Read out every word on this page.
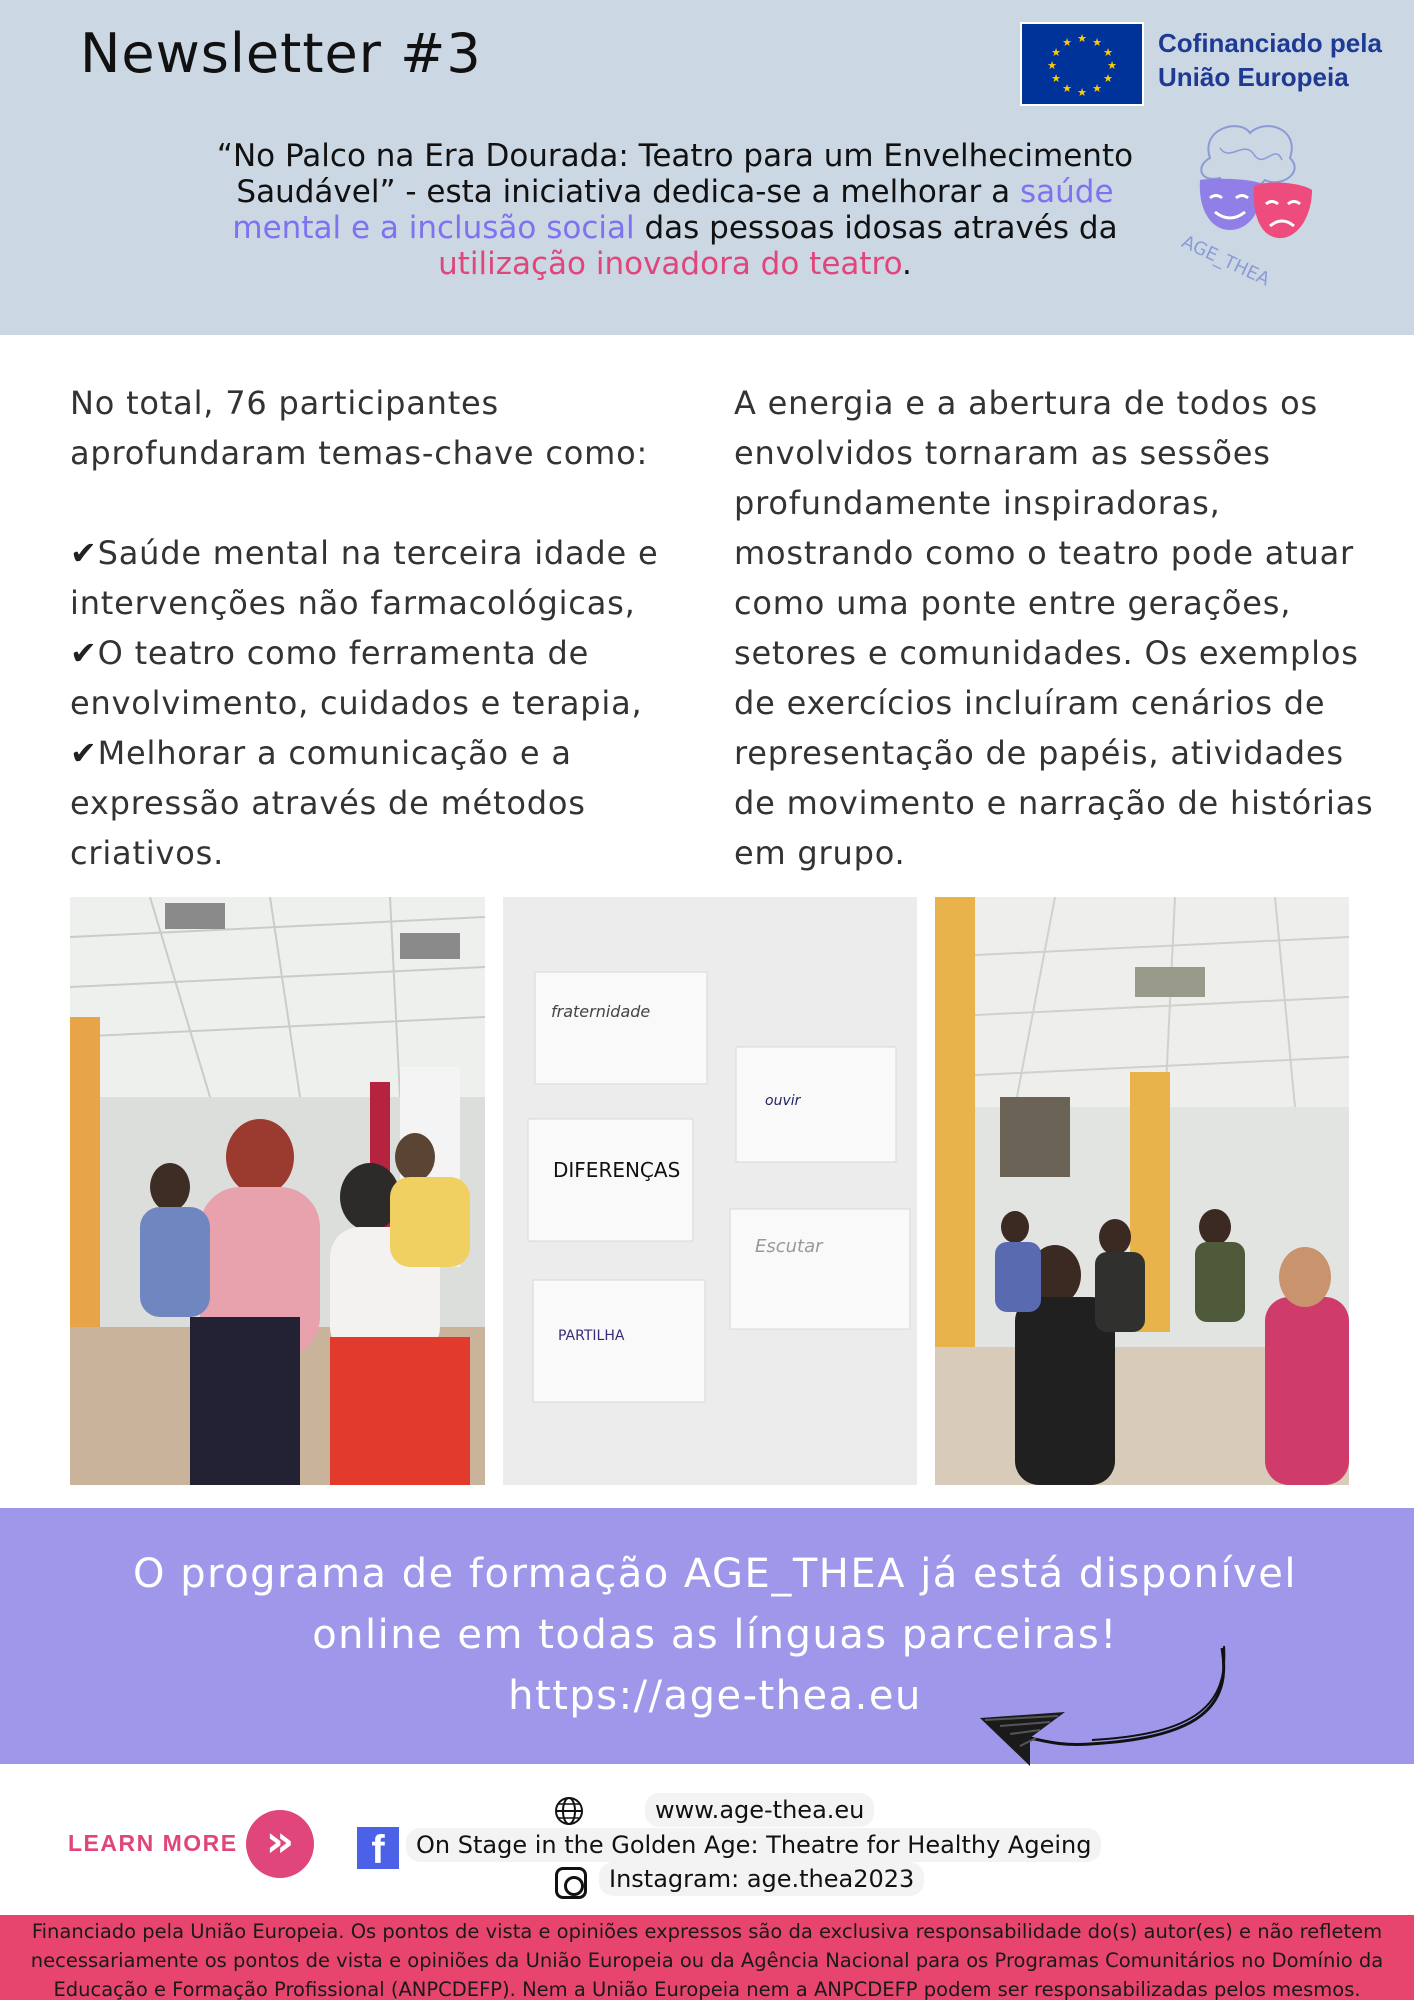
Newsletter #3	★ ★
★
★
★
★
★
★
★
★
★
★	Cofinanciado pela
União Europeia
“No Palco na Era Dourada: Teatro para um Envelhecimento Saudável” - esta iniciativa dedica-se a melhorar a saúde mental e a inclusão social das pessoas idosas através da utilização inovadora do teatro.	AGE_THEA
No total, 76 participantes aprofundaram temas-chave como:
✔Saúde mental na terceira idade e intervenções não farmacológicas,
✔O teatro como ferramenta de envolvimento, cuidados e terapia,
✔Melhorar a comunicação e a expressão através de métodos criativos.
A energia e a abertura de todos os envolvidos tornaram as sessões profundamente inspiradoras, mostrando como o teatro pode atuar como uma ponte entre gerações, setores e comunidades. Os exemplos de exercícios incluíram cenários de representação de papéis, atividades de movimento e narração de histórias em grupo.
fraternidade
ouvir
DIFERENÇAS
Escutar
PARTILHA
O programa de formação AGE_THEA já está disponível
online em todas as línguas parceiras!
https://age-thea.eu
LEARN MORE »
www.age-thea.eu
f	On Stage in the Golden Age: Theatre for Healthy Ageing
Instagram: age.thea2023
Financiado pela União Europeia. Os pontos de vista e opiniões expressos são da exclusiva responsabilidade do(s) autor(es) e não refletem necessariamente os pontos de vista e opiniões da União Europeia ou da Agência Nacional para os Programas Comunitários no Domínio da Educação e Formação Profissional (ANPCDEFP). Nem a União Europeia nem a ANPCDEFP podem ser responsabilizadas pelos mesmos.
